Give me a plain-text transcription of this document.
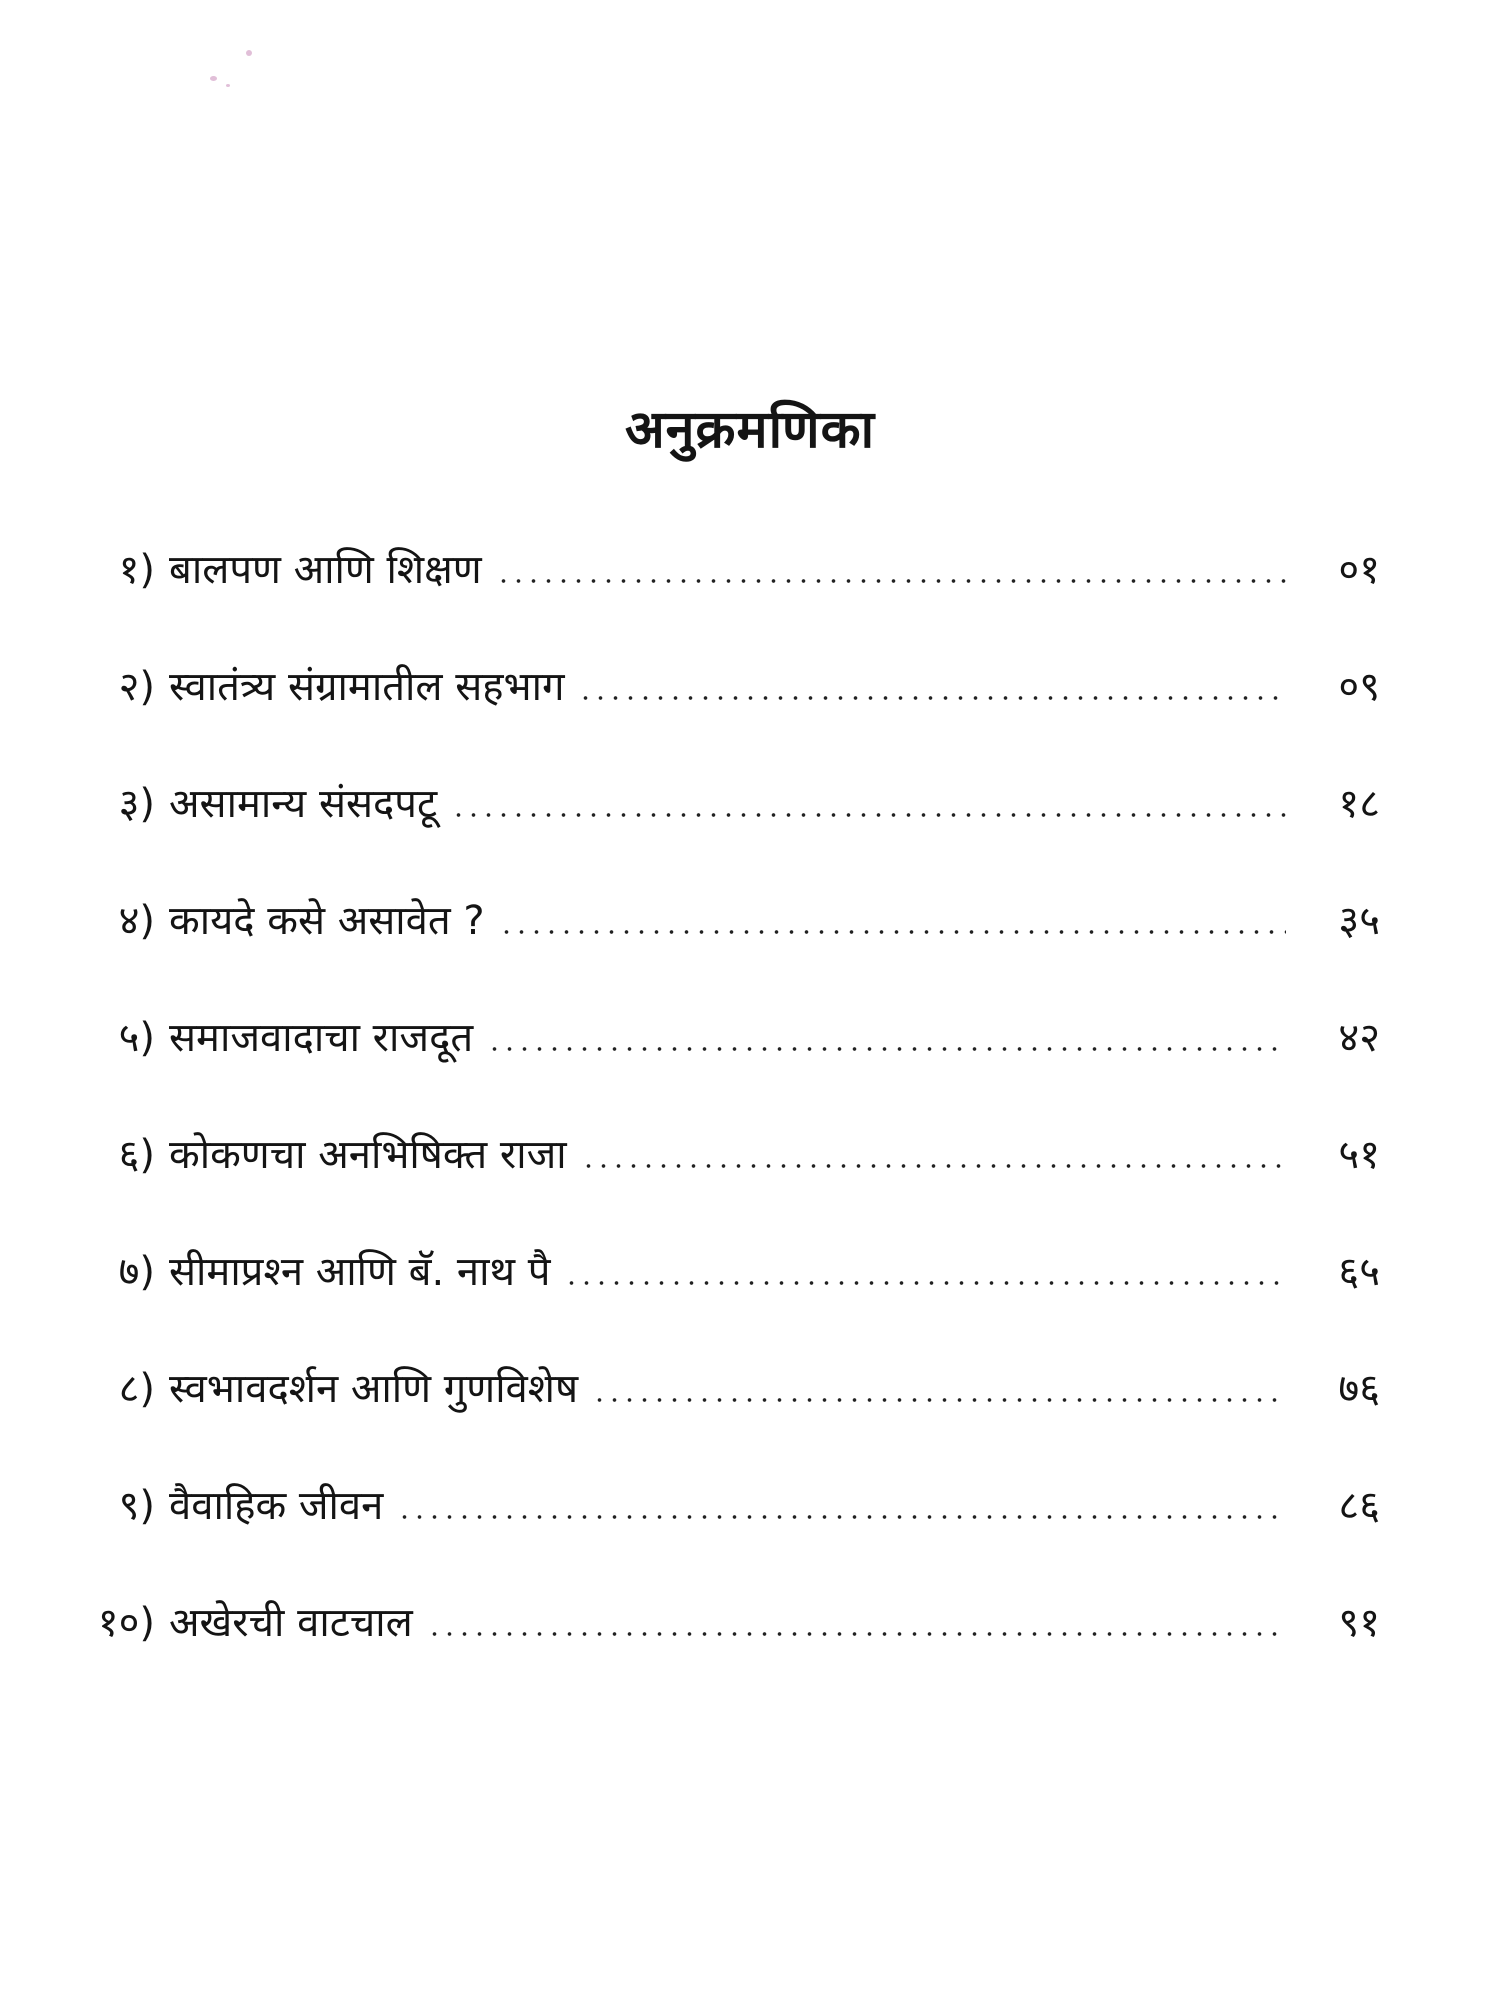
अनुक्रमणिका
१) बालपण आणि शिक्षण	०१
२) स्वातंत्र्य संग्रामातील सहभाग	०९
३) असामान्य संसदपटू	१८
४) कायदे कसे असावेत ?	३५
५) समाजवादाचा राजदूत	४२
६) कोकणचा अनभिषिक्त राजा	५१
७) सीमाप्रश्‍न आणि बॅ. नाथ पै	६५
८) स्वभावदर्शन आणि गुणविशेष	७६
९) वैवाहिक जीवन	८६
१०) अखेरची वाटचाल	९१
